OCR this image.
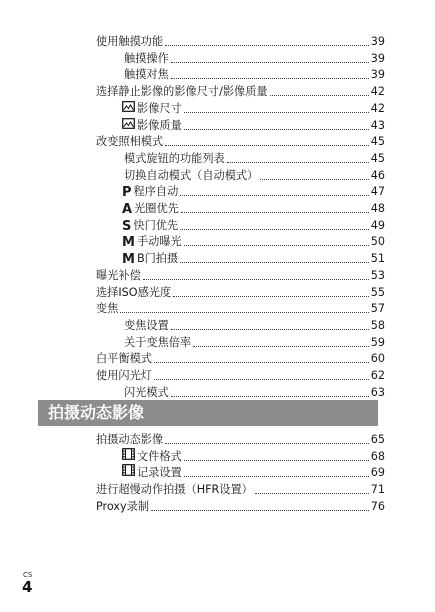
使用触摸功能	39
触摸操作	39
触摸对焦	39
选择静止影像的影像尺寸/影像质量	42
影像尺寸	42
影像质量	43
改变照相模式	45
模式旋钮的功能列表	45
切换自动模式（自动模式）	46
P 程序自动	47
A 光圈优先	48
S 快门优先	49
M 手动曝光	50
M B门拍摄	51
曝光补偿	53
选择ISO感光度	55
变焦	57
变焦设置	58
关于变焦倍率	59
白平衡模式	60
使用闪光灯	62
闪光模式	63
拍摄动态影像
拍摄动态影像	65
文件格式	68
记录设置	69
进行超慢动作拍摄（HFR设置）	71
Proxy录制	76
CS
4
